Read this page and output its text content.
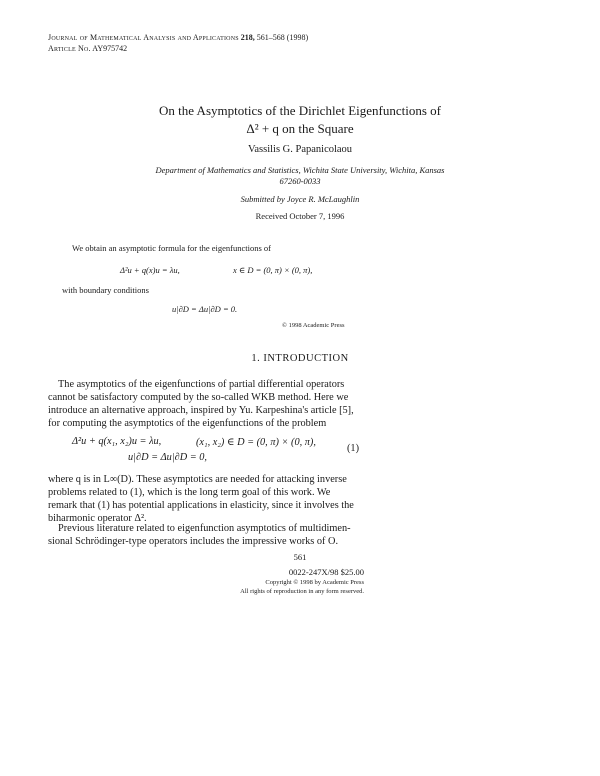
Journal of Mathematical Analysis and Applications 218, 561–568 (1998)
Article No. AY975742
On the Asymptotics of the Dirichlet Eigenfunctions of
Δ² + q on the Square
Vassilis G. Papanicolaou
Department of Mathematics and Statistics, Wichita State University, Wichita, Kansas
67260-0033
Submitted by Joyce R. McLaughlin
Received October 7, 1996
We obtain an asymptotic formula for the eigenfunctions of
Δ²u + q(x)u = λu,	x ∈ D = (0, π) × (0, π),
with boundary conditions
u|∂D = Δu|∂D = 0.
© 1998 Academic Press
1. INTRODUCTION
The asymptotics of the eigenfunctions of partial differential operators
cannot be satisfactory computed by the so-called WKB method. Here we
introduce an alternative approach, inspired by Yu. Karpeshina's article [5],
for computing the asymptotics of the eigenfunctions of the problem
Δ²u + q(x₁, x₂)u = λu,	(x₁, x₂) ∈ D = (0, π) × (0, π),
u|∂D = Δu|∂D = 0,
(1)
where q is in L∞(D). These asymptotics are needed for attacking inverse
problems related to (1), which is the long term goal of this work. We
remark that (1) has potential applications in elasticity, since it involves the
biharmonic operator Δ².
Previous literature related to eigenfunction asymptotics of multidimen-
sional Schrödinger-type operators includes the impressive works of O.
561
0022-247X/98 $25.00
Copyright © 1998 by Academic Press
All rights of reproduction in any form reserved.
